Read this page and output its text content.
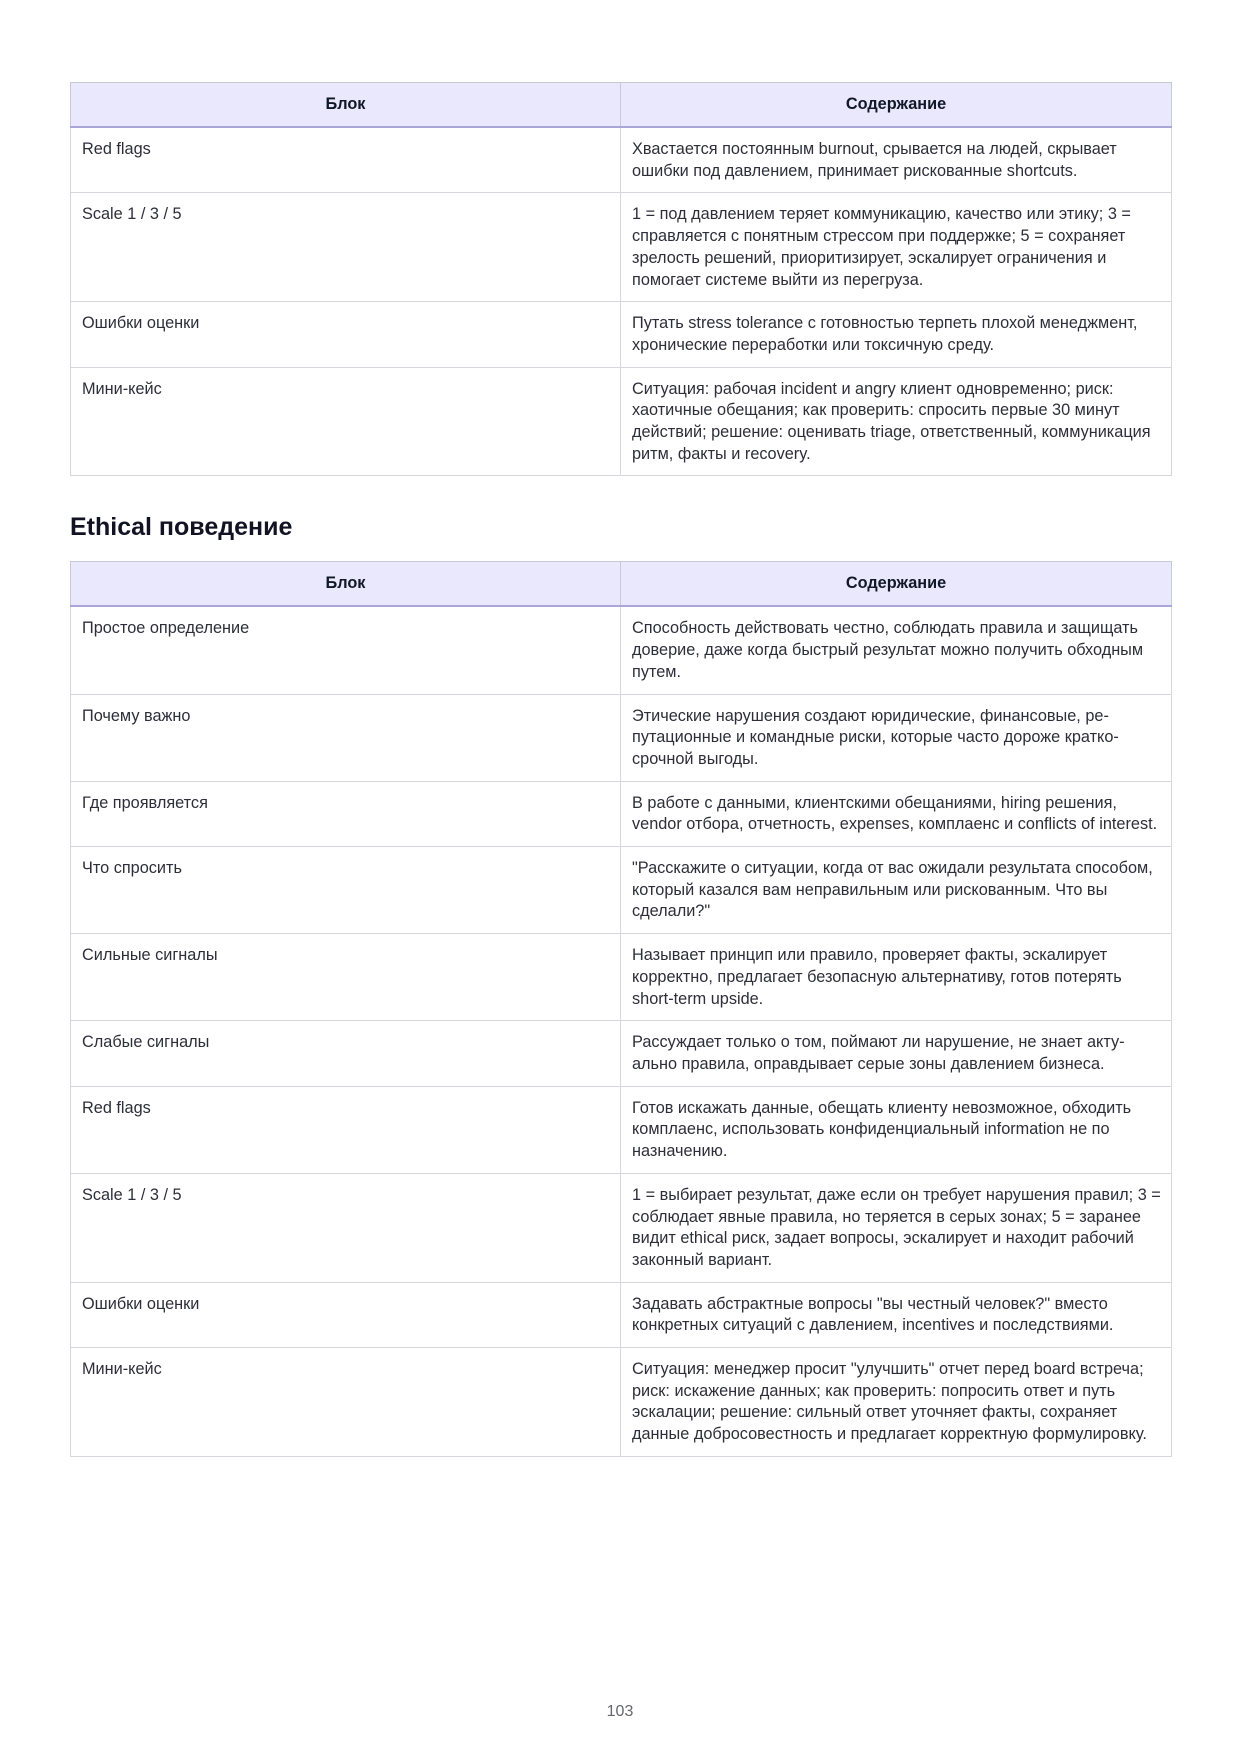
Блок	Содержание
Red flags	Хвастается постоянным burnout, срывается на людей, скрывает ошибки под давлением, принимает рискованные shortcuts.
Scale 1 / 3 / 5	1 = под давлением теряет коммуникацию, качество или этику; 3 = справляется с понятным стрессом при поддержке; 5 = сохраняет зрелость решений, приоритизирует, эскалирует ограничения и помогает системе выйти из перегруза.
Ошибки оценки	Путать stress tolerance с готовностью терпеть плохой менеджмент, хронические переработки или токсичную среду.
Мини-кейс	Ситуация: рабочая incident и angry клиент одновременно; риск: хаотичные обещания; как проверить: спросить первые 30 минут действий; решение: оценивать triage, ответственный, коммуникация ритм, факты и recovery.
Ethical поведение
Блок	Содержание
Простое определение	Способность действовать честно, соблюдать правила и защищать доверие, даже когда быстрый результат можно получить обходным путем.
Почему важно	Этические нарушения создают юридические, финансовые, репутационные и командные риски, которые часто дороже краткосрочной выгоды.
Где проявляется	В работе с данными, клиентскими обещаниями, hiring решения, vendor отбора, отчетность, expenses, комплаенс и conflicts of interest.
Что спросить	"Расскажите о ситуации, когда от вас ожидали результата способом, который казался вам неправильным или рискованным. Что вы сделали?"
Сильные сигналы	Называет принцип или правило, проверяет факты, эскалирует корректно, предлагает безопасную альтернативу, готов потерять short-term upside.
Слабые сигналы	Рассуждает только о том, поймают ли нарушение, не знает актуально правила, оправдывает серые зоны давлением бизнеса.
Red flags	Готов искажать данные, обещать клиенту невозможное, обходить комплаенс, использовать конфиденциальный information не по назначению.
Scale 1 / 3 / 5	1 = выбирает результат, даже если он требует нарушения правил; 3 = соблюдает явные правила, но теряется в серых зонах; 5 = заранее видит ethical риск, задает вопросы, эскалирует и находит рабочий законный вариант.
Ошибки оценки	Задавать абстрактные вопросы "вы честный человек?" вместо конкретных ситуаций с давлением, incentives и последствиями.
Мини-кейс	Ситуация: менеджер просит "улучшить" отчет перед board встреча; риск: искажение данных; как проверить: попросить ответ и путь эскалации; решение: сильный ответ уточняет факты, сохраняет данные добросовестность и предлагает корректную формулировку.
103
